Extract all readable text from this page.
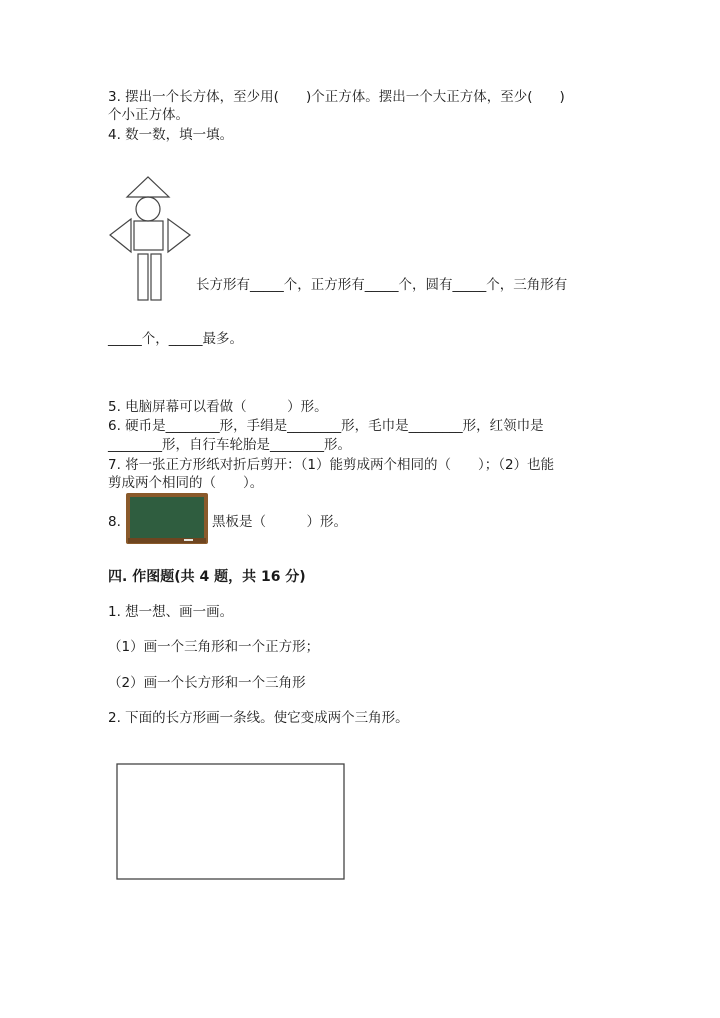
3. 摆出一个长方体，至少用(　　)个正方体。摆出一个大正方体，至少(　　)
个小正方体。
4. 数一数，填一填。
长方形有_____个，正方形有_____个，圆有_____个，三角形有
_____个，_____最多。
5. 电脑屏幕可以看做（　　　）形。
6. 硬币是________形，手绢是________形，毛巾是________形，红领巾是
________形，自行车轮胎是________形。
7. 将一张正方形纸对折后剪开：（1）能剪成两个相同的（　　）；（2）也能
剪成两个相同的（　　）。
8.	黑板是（　　　）形。
四. 作图题(共 4 题，共 16 分)
1. 想一想、画一画。
（1）画一个三角形和一个正方形；
（2）画一个长方形和一个三角形
2. 下面的长方形画一条线。使它变成两个三角形。
